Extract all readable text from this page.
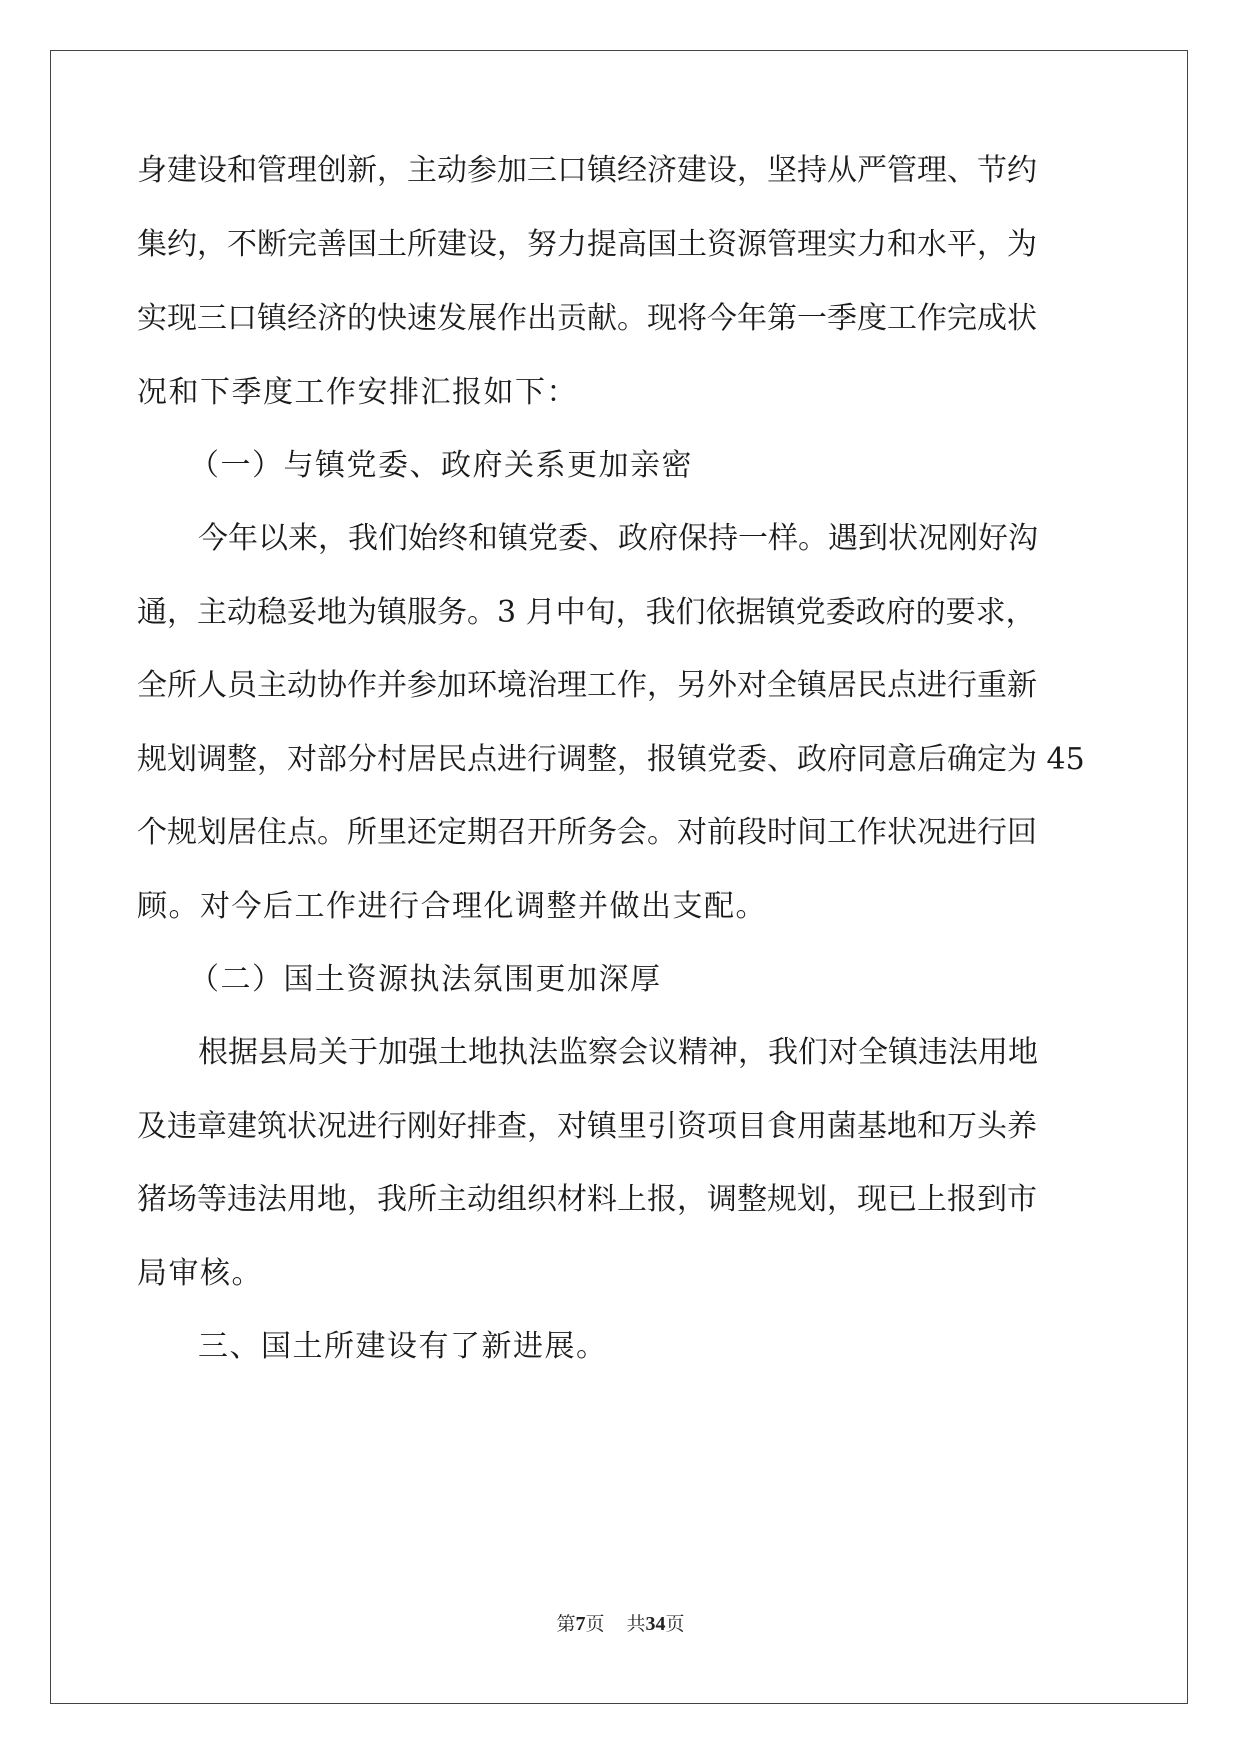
身建设和管理创新，主动参加三口镇经济建设，坚持从严管理、节约
集约，不断完善国土所建设，努力提高国土资源管理实力和水平，为
实现三口镇经济的快速发展作出贡献。现将今年第一季度工作完成状
况和下季度工作安排汇报如下：
（一）与镇党委、政府关系更加亲密
今年以来，我们始终和镇党委、政府保持一样。遇到状况刚好沟
通，主动稳妥地为镇服务。3 月中旬，我们依据镇党委政府的要求，
全所人员主动协作并参加环境治理工作，另外对全镇居民点进行重新
规划调整，对部分村居民点进行调整，报镇党委、政府同意后确定为 45
个规划居住点。所里还定期召开所务会。对前段时间工作状况进行回
顾。对今后工作进行合理化调整并做出支配。
（二）国土资源执法氛围更加深厚
根据县局关于加强土地执法监察会议精神，我们对全镇违法用地
及违章建筑状况进行刚好排查，对镇里引资项目食用菌基地和万头养
猪场等违法用地，我所主动组织材料上报，调整规划，现已上报到市
局审核。
三、国土所建设有了新进展。
第7页 共34页
